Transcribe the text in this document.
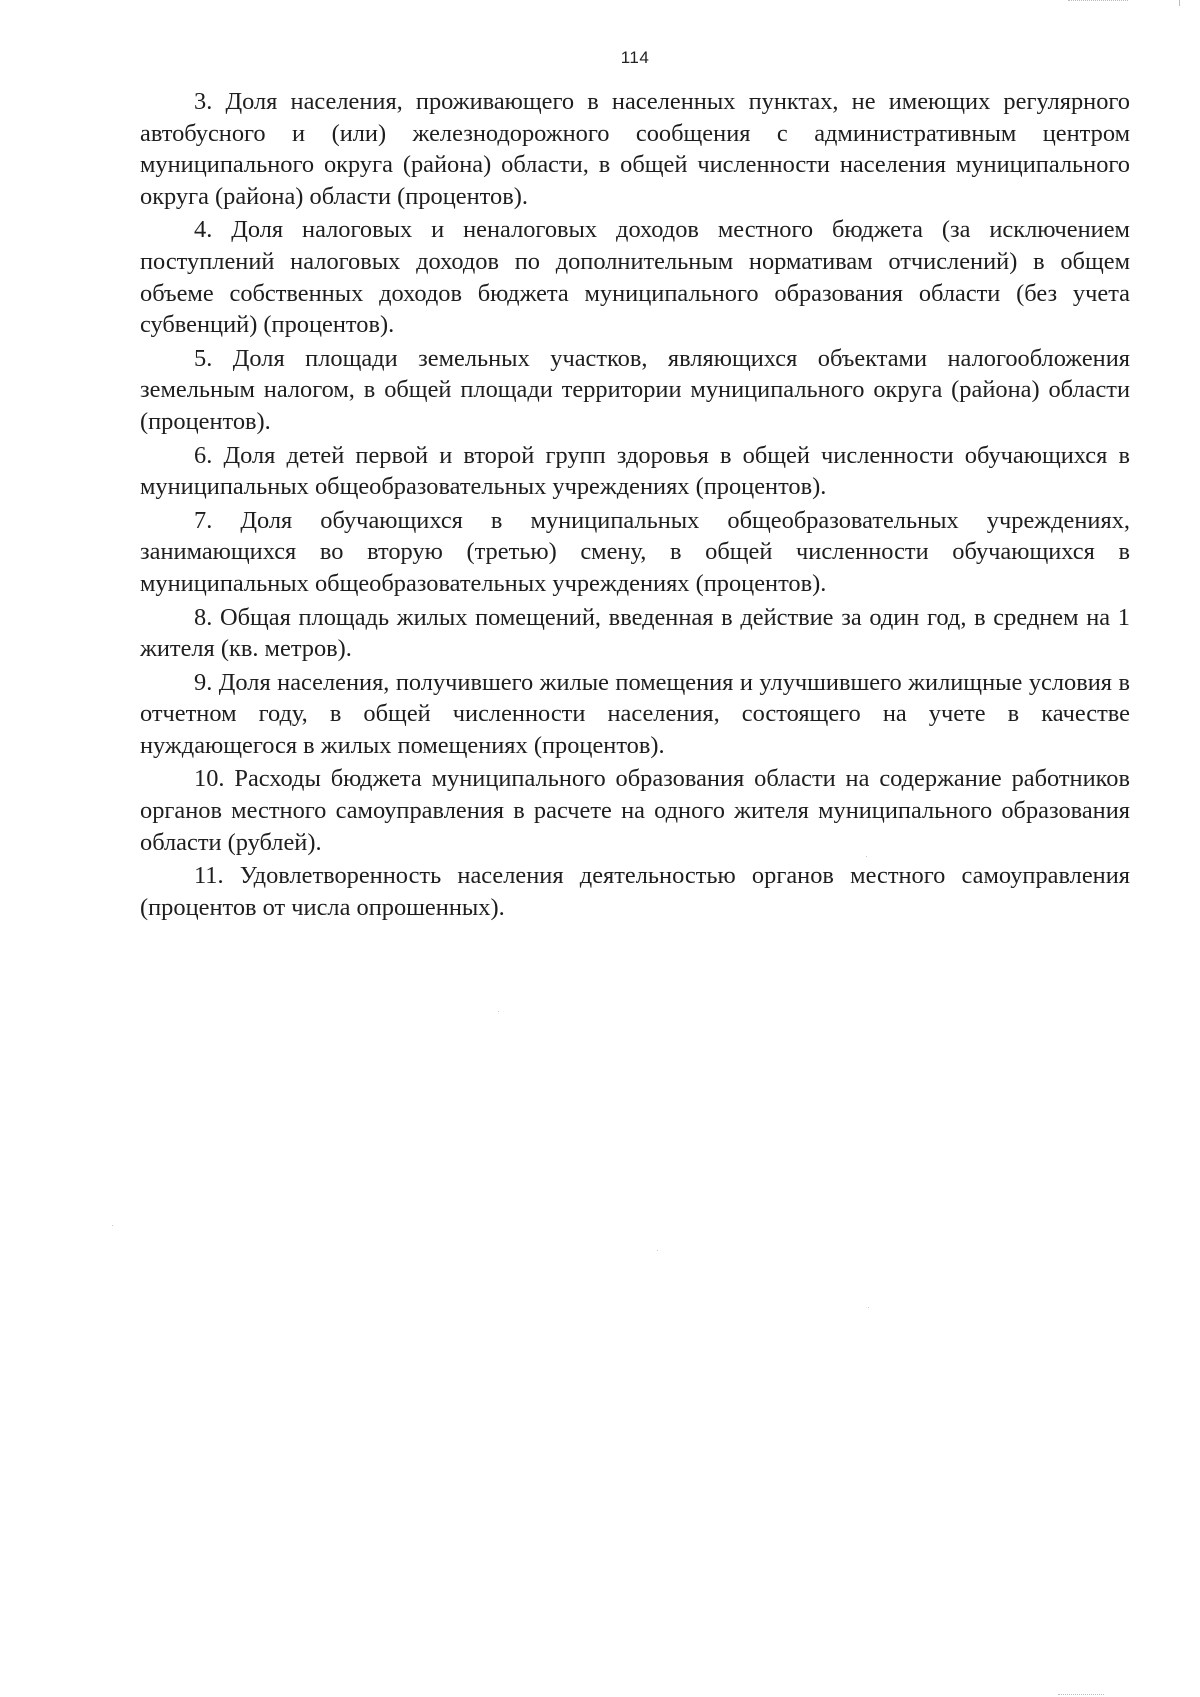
114

3. Доля населения, проживающего в населенных пунктах, не имеющих регулярного автобусного и (или) железнодорожного сообщения с административным центром муниципального округа (района) области, в общей численности населения муниципального округа (района) области (процентов).

4. Доля налоговых и неналоговых доходов местного бюджета (за исключением поступлений налоговых доходов по дополнительным нормативам отчислений) в общем объеме собственных доходов бюджета муниципального образования области (без учета субвенций) (процентов).

5. Доля площади земельных участков, являющихся объектами налогообложения земельным налогом, в общей площади территории муниципального округа (района) области (процентов).

6. Доля детей первой и второй групп здоровья в общей численности обучающихся в муниципальных общеобразовательных учреждениях (процентов).

7. Доля обучающихся в муниципальных общеобразовательных учреждениях, занимающихся во вторую (третью) смену, в общей численности обучающихся в муниципальных общеобразовательных учреждениях (процентов).

8. Общая площадь жилых помещений, введенная в действие за один год, в среднем на 1 жителя (кв. метров).

9. Доля населения, получившего жилые помещения и улучшившего жилищные условия в отчетном году, в общей численности населения, состоящего на учете в качестве нуждающегося в жилых помещениях (процентов).

10. Расходы бюджета муниципального образования области на содержание работников органов местного самоуправления в расчете на одного жителя муниципального образования области (рублей).

11. Удовлетворенность населения деятельностью органов местного самоуправления (процентов от числа опрошенных).
